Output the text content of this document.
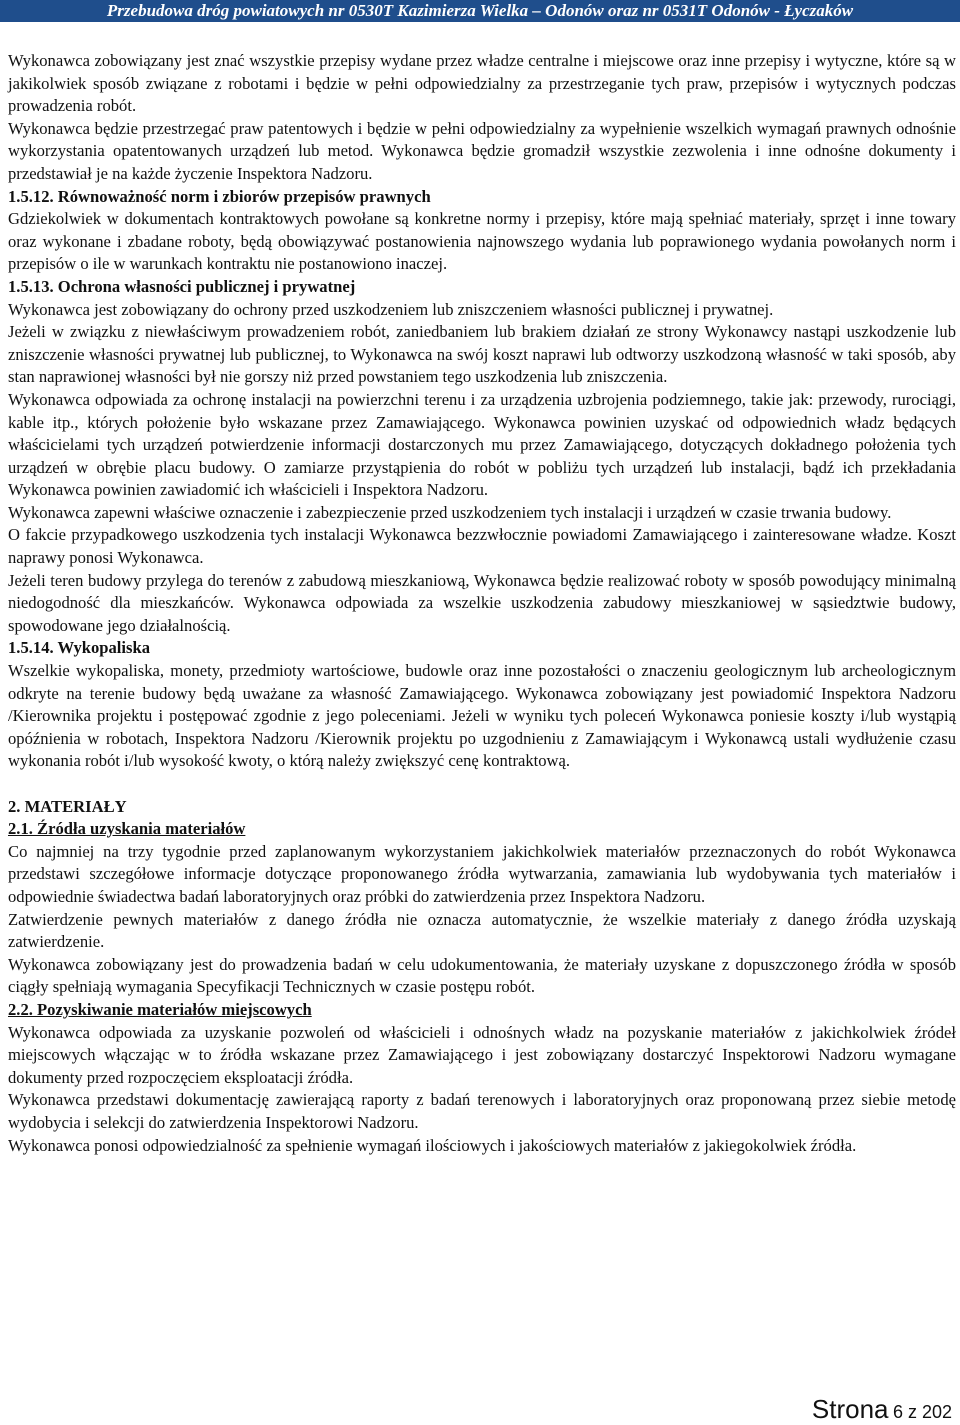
Przebudowa dróg powiatowych nr 0530T Kazimierza Wielka – Odonów oraz nr 0531T Odonów - Łyczaków

Wykonawca zobowiązany jest znać wszystkie przepisy wydane przez władze centralne i miejscowe oraz inne przepisy i wytyczne, które są w jakikolwiek sposób związane z robotami i będzie w pełni odpowiedzialny za przestrzeganie tych praw, przepisów i wytycznych podczas prowadzenia robót.

Wykonawca będzie przestrzegać praw patentowych i będzie w pełni odpowiedzialny za wypełnienie wszelkich wymagań prawnych odnośnie wykorzystania opatentowanych urządzeń lub metod. Wykonawca będzie gromadził wszystkie zezwolenia i inne odnośne dokumenty i przedstawiał je na każde życzenie Inspektora Nadzoru.

1.5.12. Równoważność norm i zbiorów przepisów prawnych

Gdziekolwiek w dokumentach kontraktowych powołane są konkretne normy i przepisy, które mają spełniać materiały, sprzęt i inne towary oraz wykonane i zbadane roboty, będą obowiązywać postanowienia najnowszego wydania lub poprawionego wydania powołanych norm i przepisów o ile w warunkach kontraktu nie postanowiono inaczej.

1.5.13. Ochrona własności publicznej i prywatnej

Wykonawca jest zobowiązany do ochrony przed uszkodzeniem lub zniszczeniem własności publicznej i prywatnej.

Jeżeli w związku z niewłaściwym prowadzeniem robót, zaniedbaniem lub brakiem działań ze strony Wykonawcy nastąpi uszkodzenie lub zniszczenie własności prywatnej lub publicznej, to Wykonawca na swój koszt naprawi lub odtworzy uszkodzoną własność w taki sposób, aby stan naprawionej własności był nie gorszy niż przed powstaniem tego uszkodzenia lub zniszczenia.

Wykonawca odpowiada za ochronę instalacji na powierzchni terenu i za urządzenia uzbrojenia podziemnego, takie jak: przewody, rurociągi, kable itp., których położenie było wskazane przez Zamawiającego. Wykonawca powinien uzyskać od odpowiednich władz będących właścicielami tych urządzeń potwierdzenie informacji dostarczonych mu przez Zamawiającego, dotyczących dokładnego położenia tych urządzeń w obrębie placu budowy. O zamiarze przystąpienia do robót w pobliżu tych urządzeń lub instalacji, bądź ich przekładania Wykonawca powinien zawiadomić ich właścicieli i Inspektora Nadzoru.

Wykonawca zapewni właściwe oznaczenie i zabezpieczenie przed uszkodzeniem tych instalacji i urządzeń w czasie trwania budowy.

O fakcie przypadkowego uszkodzenia tych instalacji Wykonawca bezzwłocznie powiadomi Zamawiającego i zainteresowane władze. Koszt naprawy ponosi Wykonawca.

Jeżeli teren budowy przylega do terenów z zabudową mieszkaniową, Wykonawca będzie realizować roboty w sposób powodujący minimalną niedogodność dla mieszkańców. Wykonawca odpowiada za wszelkie uszkodzenia zabudowy mieszkaniowej w sąsiedztwie budowy, spowodowane jego działalnością.

1.5.14. Wykopaliska

Wszelkie wykopaliska, monety, przedmioty wartościowe, budowle oraz inne pozostałości o znaczeniu geologicznym lub archeologicznym odkryte na terenie budowy będą uważane za własność Zamawiającego. Wykonawca zobowiązany jest powiadomić Inspektora Nadzoru /Kierownika projektu i postępować zgodnie z jego poleceniami. Jeżeli w wyniku tych poleceń Wykonawca poniesie koszty i/lub wystąpią opóźnienia w robotach, Inspektora Nadzoru /Kierownik projektu po uzgodnieniu z Zamawiającym i Wykonawcą ustali wydłużenie czasu wykonania robót i/lub wysokość kwoty, o którą należy zwiększyć cenę kontraktową.

2. MATERIAŁY

2.1. Źródła uzyskania materiałów

Co najmniej na trzy tygodnie przed zaplanowanym wykorzystaniem jakichkolwiek materiałów przeznaczonych do robót Wykonawca przedstawi szczegółowe informacje dotyczące proponowanego źródła wytwarzania, zamawiania lub wydobywania tych materiałów i odpowiednie świadectwa badań laboratoryjnych oraz próbki do zatwierdzenia przez Inspektora Nadzoru.

Zatwierdzenie pewnych materiałów z danego źródła nie oznacza automatycznie, że wszelkie materiały z danego źródła uzyskają zatwierdzenie.

Wykonawca zobowiązany jest do prowadzenia badań w celu udokumentowania, że materiały uzyskane z dopuszczonego źródła w sposób ciągły spełniają wymagania Specyfikacji Technicznych w czasie postępu robót.

2.2. Pozyskiwanie materiałów miejscowych

Wykonawca odpowiada za uzyskanie pozwoleń od właścicieli i odnośnych władz na pozyskanie materiałów z jakichkolwiek źródeł miejscowych włączając w to źródła wskazane przez Zamawiającego i jest zobowiązany dostarczyć Inspektorowi Nadzoru wymagane dokumenty przed rozpoczęciem eksploatacji źródła.

Wykonawca przedstawi dokumentację zawierającą raporty z badań terenowych i laboratoryjnych oraz proponowaną przez siebie metodę wydobycia i selekcji do zatwierdzenia Inspektorowi Nadzoru.

Wykonawca ponosi odpowiedzialność za spełnienie wymagań ilościowych i jakościowych materiałów z jakiegokolwiek źródła.

Strona 6 z 202
